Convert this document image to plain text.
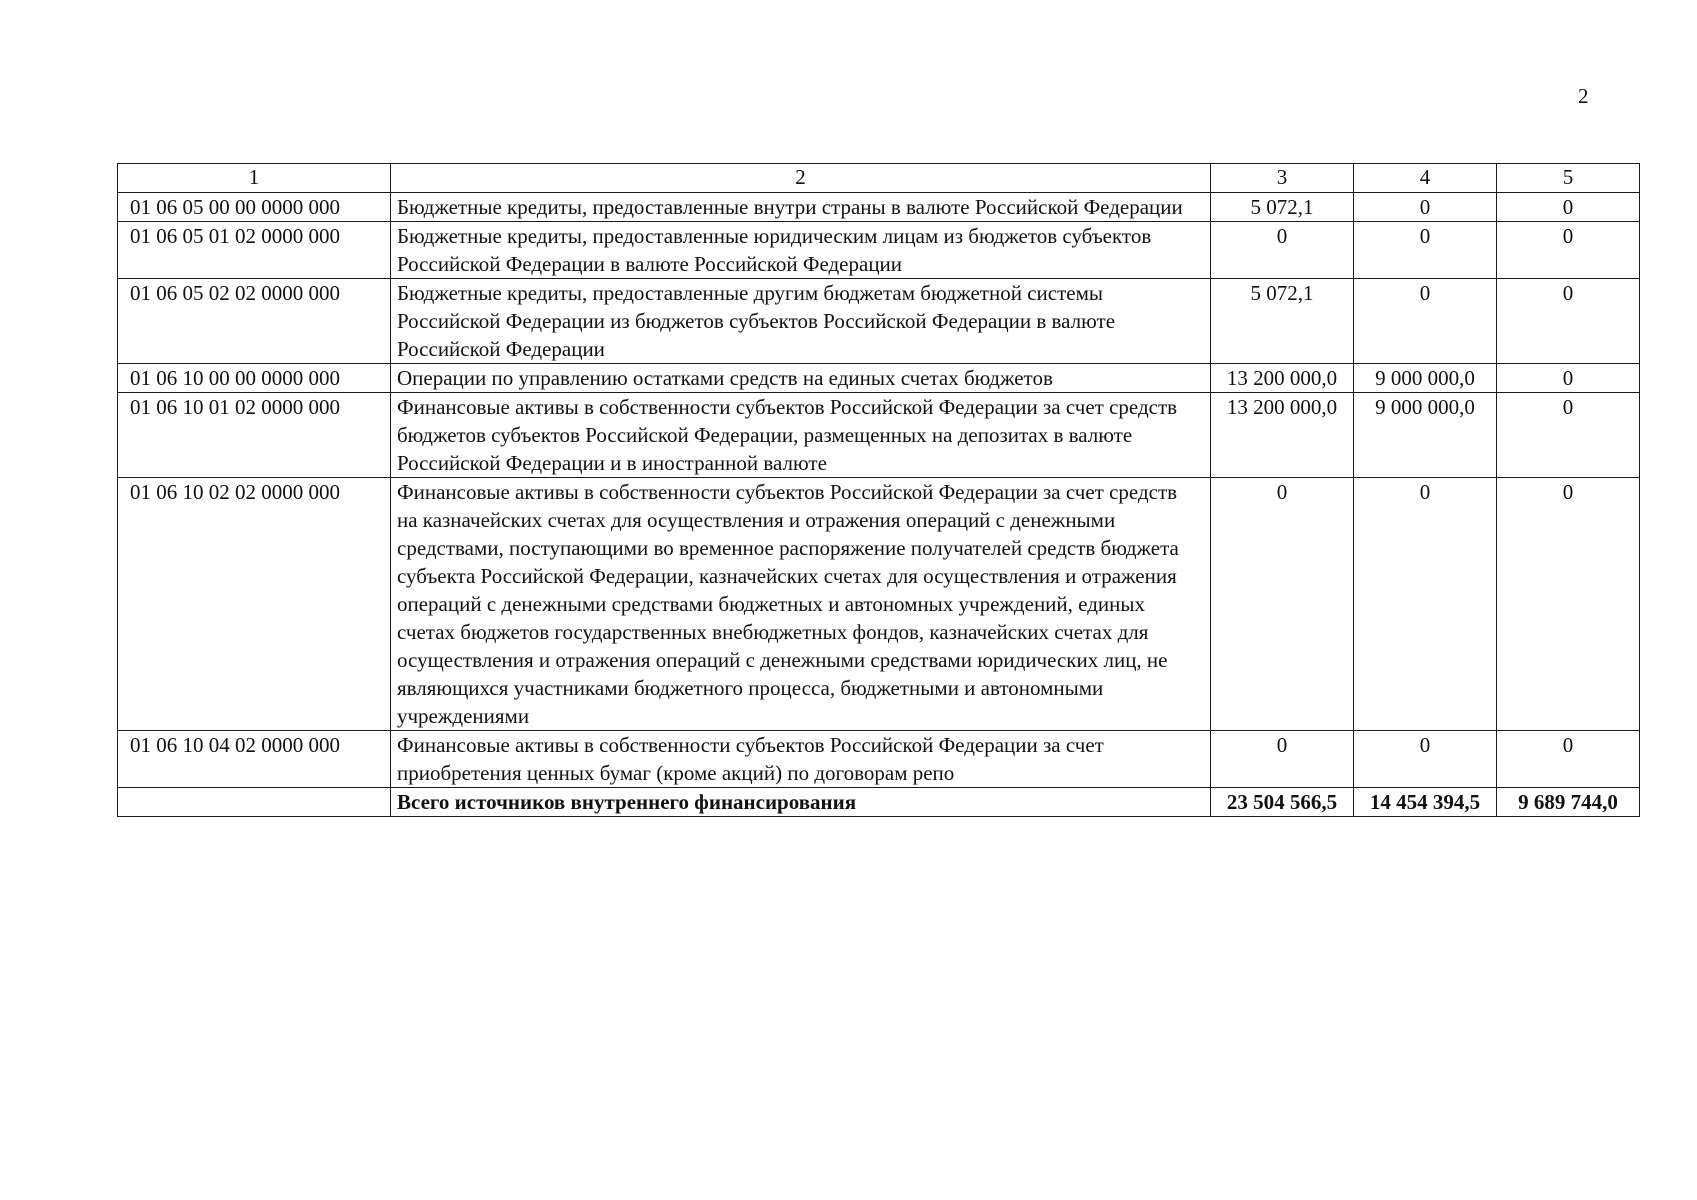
2
1	2	3	4	5
01 06 05 00 00 0000 000	Бюджетные кредиты, предоставленные внутри страны в валюте Российской Федерации	5 072,1	0	0
01 06 05 01 02 0000 000	Бюджетные кредиты, предоставленные юридическим лицам из бюджетов субъектов Российской Федерации в валюте Российской Федерации	0	0	0
01 06 05 02 02 0000 000	Бюджетные кредиты, предоставленные другим бюджетам бюджетной системы Российской Федерации из бюджетов субъектов Российской Федерации в валюте Российской Федерации	5 072,1	0	0
01 06 10 00 00 0000 000	Операции по управлению остатками средств на единых счетах бюджетов	13 200 000,0	9 000 000,0	0
01 06 10 01 02 0000 000	Финансовые активы в собственности субъектов Российской Федерации за счет средств бюджетов субъектов Российской Федерации, размещенных на депозитах в валюте Российской Федерации и в иностранной валюте	13 200 000,0	9 000 000,0	0
01 06 10 02 02 0000 000	Финансовые активы в собственности субъектов Российской Федерации за счет средств на казначейских счетах для осуществления и отражения операций с денежными средствами, поступающими во временное распоряжение получателей средств бюджета субъекта Российской Федерации, казначейских счетах для осуществления и отражения операций с денежными средствами бюджетных и автономных учреждений, единых счетах бюджетов государственных внебюджетных фондов, казначейских счетах для осуществления и отражения операций с денежными средствами юридических лиц, не являющихся участниками бюджетного процесса, бюджетными и автономными учреждениями	0	0	0
01 06 10 04 02 0000 000	Финансовые активы в собственности субъектов Российской Федерации за счет приобретения ценных бумаг (кроме акций) по договорам репо	0	0	0
	Всего источников внутреннего финансирования	23 504 566,5	14 454 394,5	9 689 744,0
